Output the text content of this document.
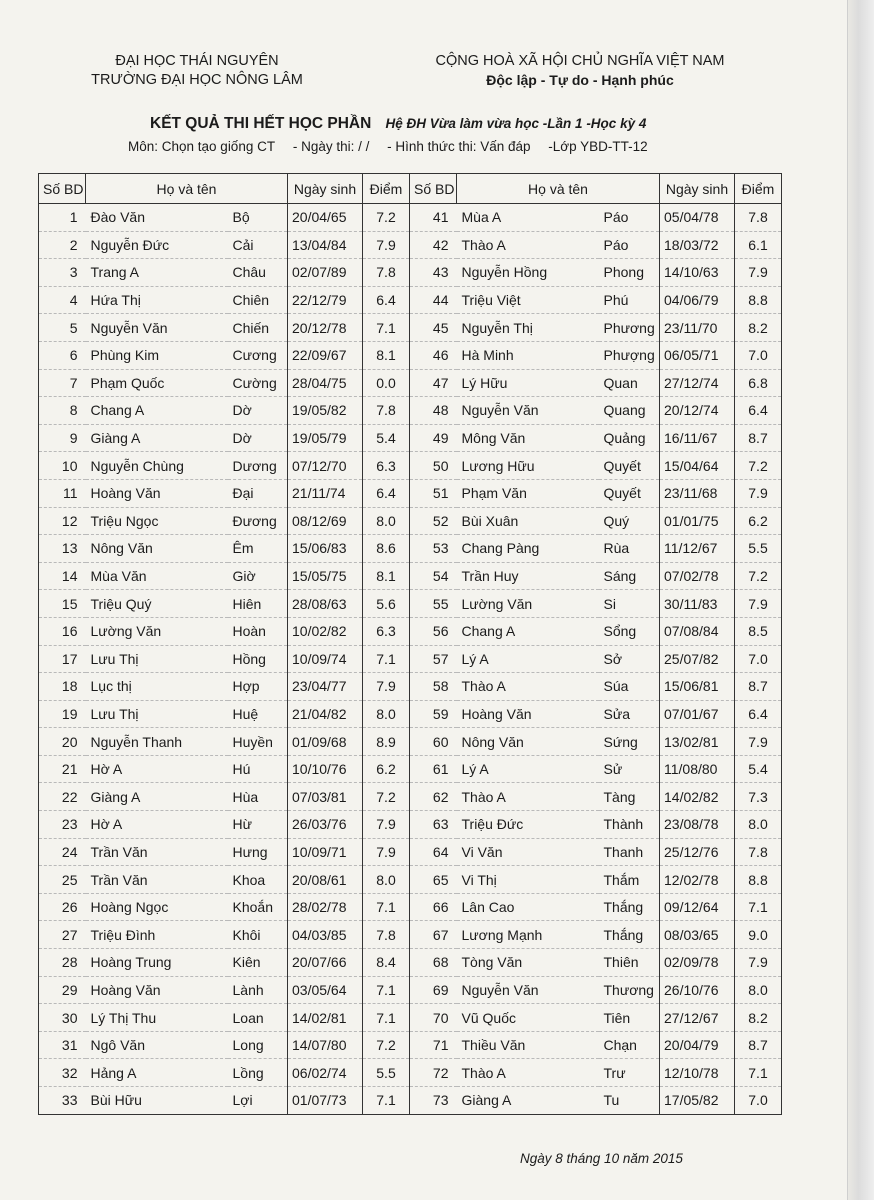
ĐẠI HỌC THÁI NGUYÊN
TRƯỜNG ĐẠI HỌC NÔNG LÂM
CỘNG HOÀ XÃ HỘI CHỦ NGHĨA VIỆT NAM
Độc lập - Tự do - Hạnh phúc
KẾT QUẢ THI HẾT HỌC PHẦN Hệ ĐH Vừa làm vừa học -Lần 1 -Học kỳ 4
Môn: Chọn tạo giống CT - Ngày thi: / / - Hình thức thi: Vấn đáp -Lớp YBD-TT-12
Số BD	Họ và tên		Ngày sinh	Điểm	Số BD	Họ và tên		Ngày sinh	Điểm
1	Đào Văn	Bộ	20/04/65	7.2	41	Mùa A	Páo	05/04/78	7.8
2	Nguyễn Đức	Cải	13/04/84	7.9	42	Thào A	Páo	18/03/72	6.1
3	Trang A	Châu	02/07/89	7.8	43	Nguyễn Hồng	Phong	14/10/63	7.9
4	Hứa Thị	Chiên	22/12/79	6.4	44	Triệu Việt	Phú	04/06/79	8.8
5	Nguyễn Văn	Chiến	20/12/78	7.1	45	Nguyễn Thị	Phương	23/11/70	8.2
6	Phùng Kim	Cương	22/09/67	8.1	46	Hà Minh	Phượng	06/05/71	7.0
7	Phạm Quốc	Cường	28/04/75	0.0	47	Lý Hữu	Quan	27/12/74	6.8
8	Chang A	Dờ	19/05/82	7.8	48	Nguyễn Văn	Quang	20/12/74	6.4
9	Giàng A	Dờ	19/05/79	5.4	49	Mông Văn	Quảng	16/11/67	8.7
10	Nguyễn Chùng	Dương	07/12/70	6.3	50	Lương Hữu	Quyết	15/04/64	7.2
11	Hoàng Văn	Đại	21/11/74	6.4	51	Phạm Văn	Quyết	23/11/68	7.9
12	Triệu Ngọc	Đương	08/12/69	8.0	52	Bùi Xuân	Quý	01/01/75	6.2
13	Nông Văn	Êm	15/06/83	8.6	53	Chang Pàng	Rùa	11/12/67	5.5
14	Mùa Văn	Giờ	15/05/75	8.1	54	Trần Huy	Sáng	07/02/78	7.2
15	Triệu Quý	Hiên	28/08/63	5.6	55	Lường Văn	Si	30/11/83	7.9
16	Lường Văn	Hoàn	10/02/82	6.3	56	Chang A	Sổng	07/08/84	8.5
17	Lưu Thị	Hồng	10/09/74	7.1	57	Lý A	Sở	25/07/82	7.0
18	Lục thị	Hợp	23/04/77	7.9	58	Thào A	Súa	15/06/81	8.7
19	Lưu Thị	Huệ	21/04/82	8.0	59	Hoàng Văn	Sửa	07/01/67	6.4
20	Nguyễn Thanh	Huyền	01/09/68	8.9	60	Nông Văn	Sứng	13/02/81	7.9
21	Hờ A	Hú	10/10/76	6.2	61	Lý A	Sử	11/08/80	5.4
22	Giàng A	Hùa	07/03/81	7.2	62	Thào A	Tàng	14/02/82	7.3
23	Hờ A	Hừ	26/03/76	7.9	63	Triệu Đức	Thành	23/08/78	8.0
24	Trần Văn	Hưng	10/09/71	7.9	64	Vi Văn	Thanh	25/12/76	7.8
25	Trần Văn	Khoa	20/08/61	8.0	65	Vi Thị	Thắm	12/02/78	8.8
26	Hoàng Ngọc	Khoắn	28/02/78	7.1	66	Lân Cao	Thắng	09/12/64	7.1
27	Triệu Đình	Khôi	04/03/85	7.8	67	Lương Mạnh	Thắng	08/03/65	9.0
28	Hoàng Trung	Kiên	20/07/66	8.4	68	Tòng Văn	Thiên	02/09/78	7.9
29	Hoàng Văn	Lành	03/05/64	7.1	69	Nguyễn Văn	Thương	26/10/76	8.0
30	Lý Thị Thu	Loan	14/02/81	7.1	70	Vũ Quốc	Tiên	27/12/67	8.2
31	Ngô Văn	Long	14/07/80	7.2	71	Thiều Văn	Chạn	20/04/79	8.7
32	Hảng A	Lồng	06/02/74	5.5	72	Thào A	Trư	12/10/78	7.1
33	Bùi Hữu	Lợi	01/07/73	7.1	73	Giàng A	Tu	17/05/82	7.0
Ngày 8 tháng 10 năm 2015
